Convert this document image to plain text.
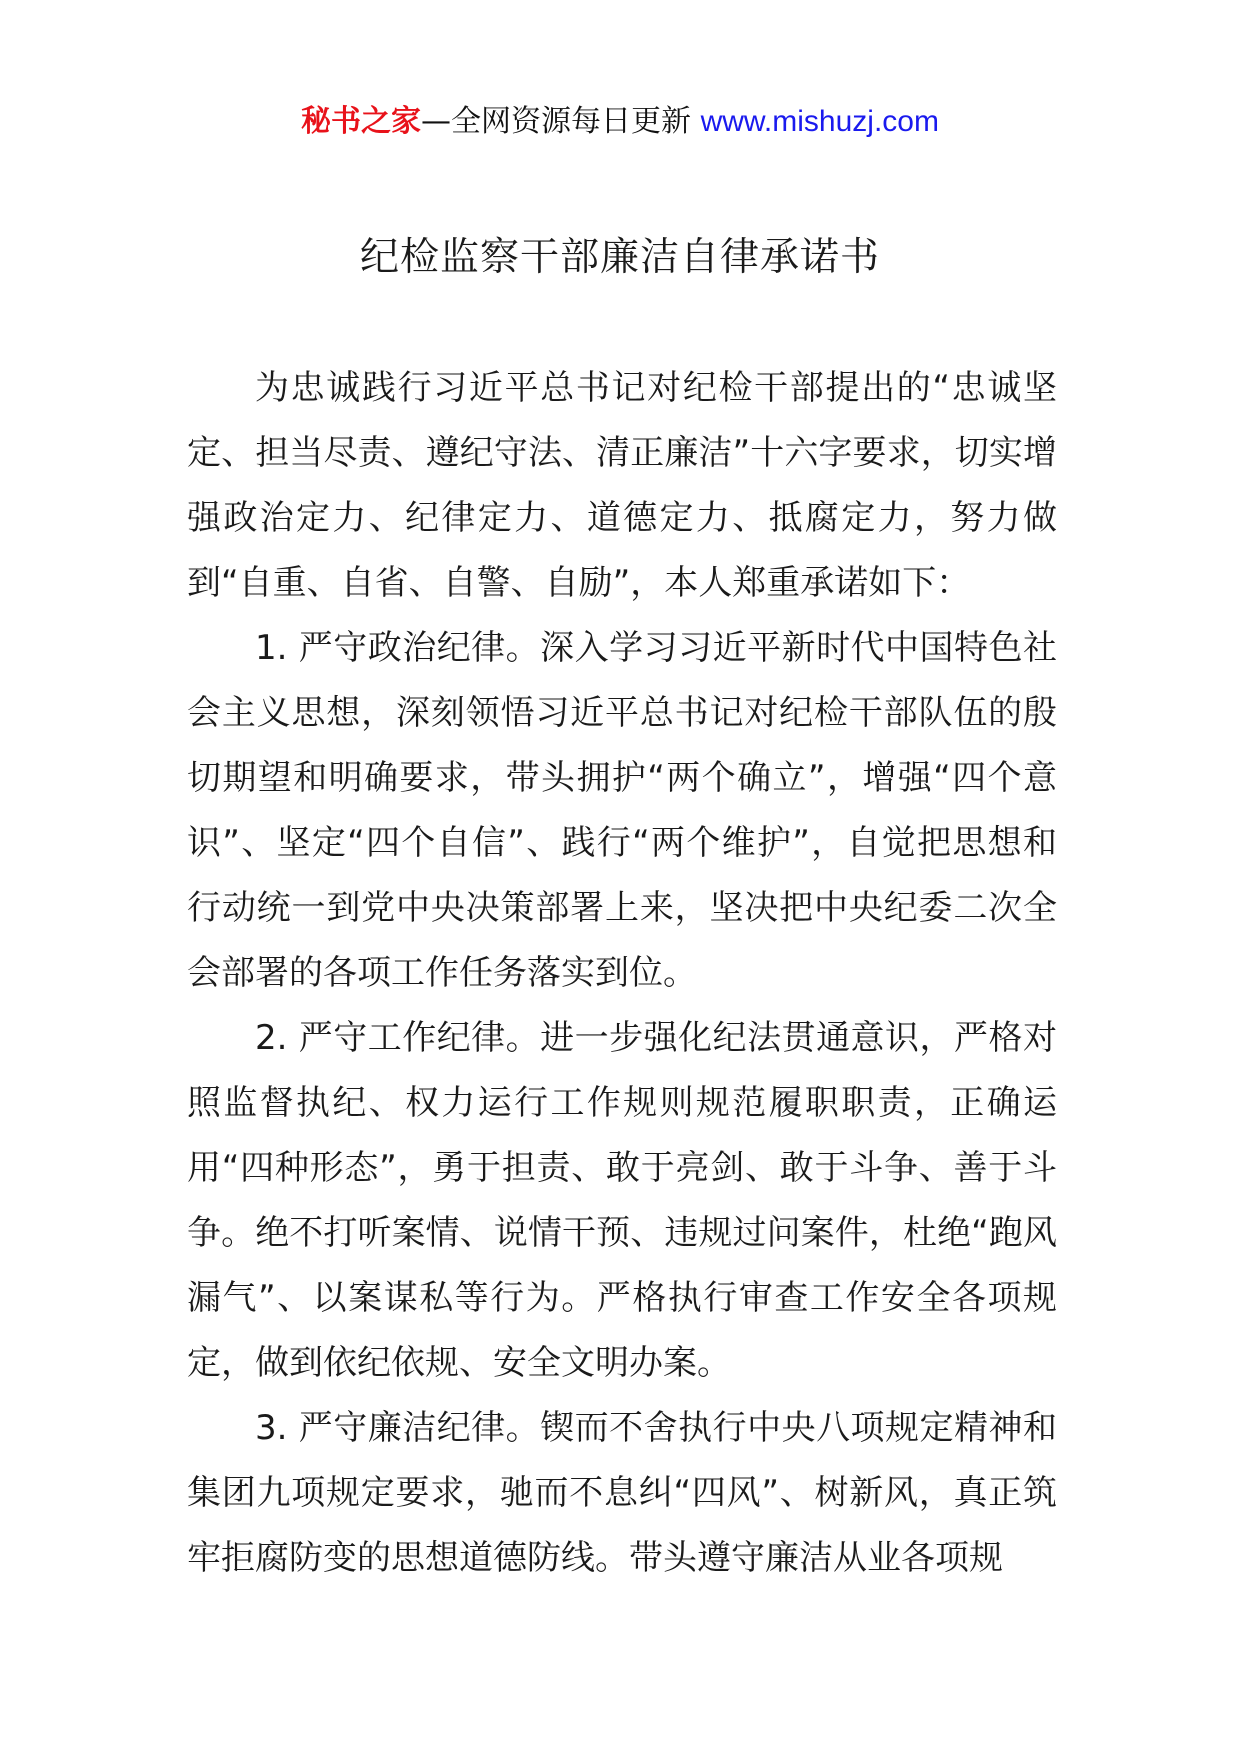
秘书之家—全网资源每日更新 www.mishuzj.com
纪检监察干部廉洁自律承诺书

为忠诚践行习近平总书记对纪检干部提出的“忠诚坚定、担当尽责、遵纪守法、清正廉洁”十六字要求，切实增强政治定力、纪律定力、道德定力、抵腐定力，努力做到“自重、自省、自警、自励”，本人郑重承诺如下：

1. 严守政治纪律。深入学习习近平新时代中国特色社会主义思想，深刻领悟习近平总书记对纪检干部队伍的殷切期望和明确要求，带头拥护“两个确立”，增强“四个意识”、坚定“四个自信”、践行“两个维护”，自觉把思想和行动统一到党中央决策部署上来，坚决把中央纪委二次全会部署的各项工作任务落实到位。

2. 严守工作纪律。进一步强化纪法贯通意识，严格对照监督执纪、权力运行工作规则规范履职职责，正确运用“四种形态”，勇于担责、敢于亮剑、敢于斗争、善于斗争。绝不打听案情、说情干预、违规过问案件，杜绝“跑风漏气”、以案谋私等行为。严格执行审查工作安全各项规定，做到依纪依规、安全文明办案。

3. 严守廉洁纪律。锲而不舍执行中央八项规定精神和集团九项规定要求，驰而不息纠“四风”、树新风，真正筑牢拒腐防变的思想道德防线。带头遵守廉洁从业各项规
